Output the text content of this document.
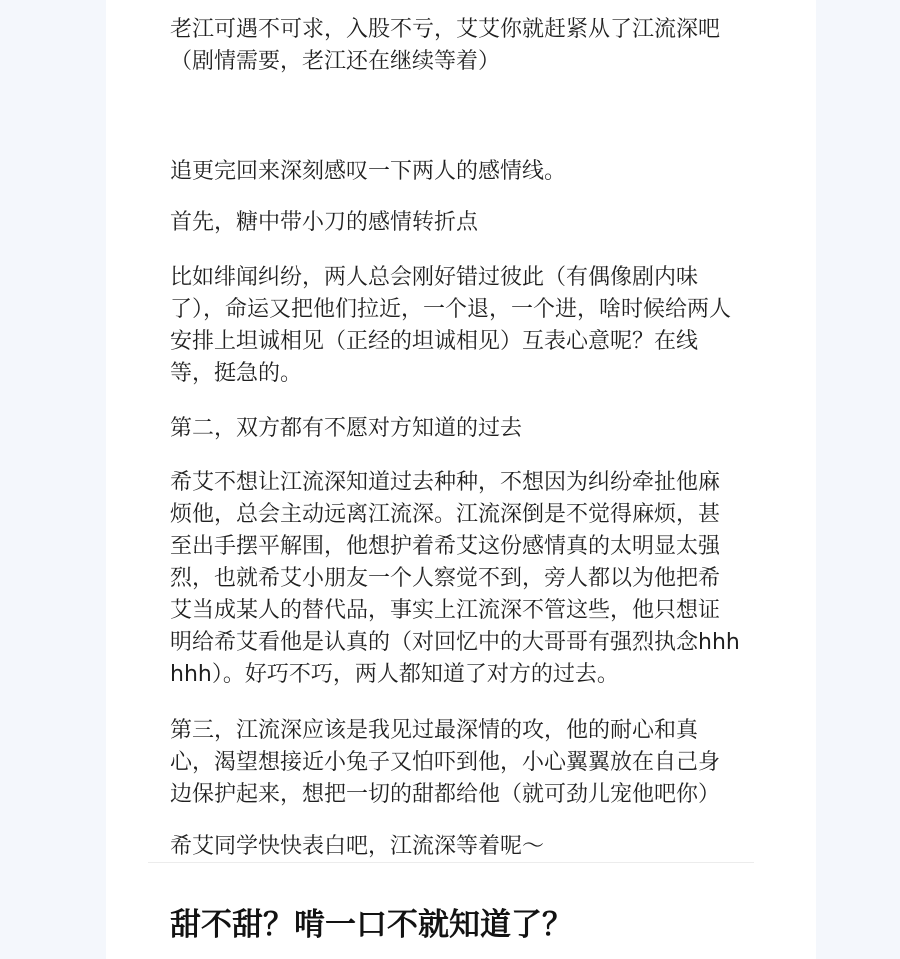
老江可遇不可求，入股不亏，艾艾你就赶紧从了江流深吧（剧情需要，老江还在继续等着）

追更完回来深刻感叹一下两人的感情线。

首先，糖中带小刀的感情转折点

比如绯闻纠纷，两人总会刚好错过彼此（有偶像剧内味了），命运又把他们拉近，一个退，一个进，啥时候给两人安排上坦诚相见（正经的坦诚相见）互表心意呢？在线等，挺急的。

第二，双方都有不愿对方知道的过去

希艾不想让江流深知道过去种种，不想因为纠纷牵扯他麻烦他，总会主动远离江流深。江流深倒是不觉得麻烦，甚至出手摆平解围，他想护着希艾这份感情真的太明显太强烈，也就希艾小朋友一个人察觉不到，旁人都以为他把希艾当成某人的替代品，事实上江流深不管这些，他只想证明给希艾看他是认真的（对回忆中的大哥哥有强烈执念hhhhhh）。好巧不巧，两人都知道了对方的过去。

第三，江流深应该是我见过最深情的攻，他的耐心和真心，渴望想接近小兔子又怕吓到他，小心翼翼放在自己身边保护起来，想把一切的甜都给他（就可劲儿宠他吧你）

希艾同学快快表白吧，江流深等着呢～

甜不甜？啃一口不就知道了？
